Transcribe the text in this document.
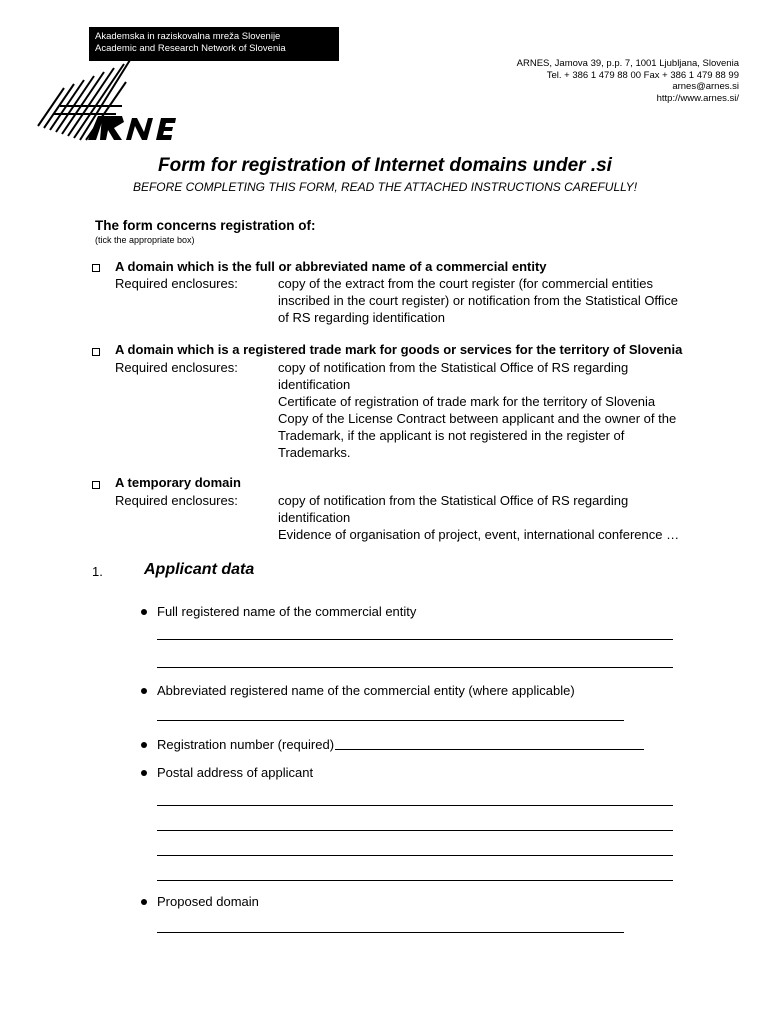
Akademska in raziskovalna mreža Slovenije
Academic and Research Network of Slovenia
ARNES, Jamova 39, p.p. 7, 1001 Ljubljana, Slovenia
Tel. + 386 1 479 88 00 Fax + 386 1 479 88 99
arnes@arnes.si
http://www.arnes.si/
Form for registration of Internet domains under .si
BEFORE COMPLETING THIS FORM, READ THE ATTACHED INSTRUCTIONS CAREFULLY!
The form concerns registration of:
(tick the appropriate box)
A domain which is the full or abbreviated name of a commercial entity
Required enclosures:	copy of the extract from the court register (for commercial entities inscribed in the court register) or notification from the Statistical Office of RS regarding identification
A domain which is a registered trade mark for goods or services for the territory of Slovenia
Required enclosures:	copy of notification from the Statistical Office of RS regarding identification
Certificate of registration of trade mark for the territory of Slovenia
Copy of the License Contract between applicant and the owner of the Trademark, if the applicant is not registered in the register of Trademarks.
A temporary domain
Required enclosures:	copy of notification from the Statistical Office of RS regarding identification
Evidence of organisation of project, event, international conference …
1.	Applicant data
Full registered name of the commercial entity
Abbreviated registered name of the commercial entity (where applicable)
Registration number (required)
Postal address of applicant
Proposed domain
